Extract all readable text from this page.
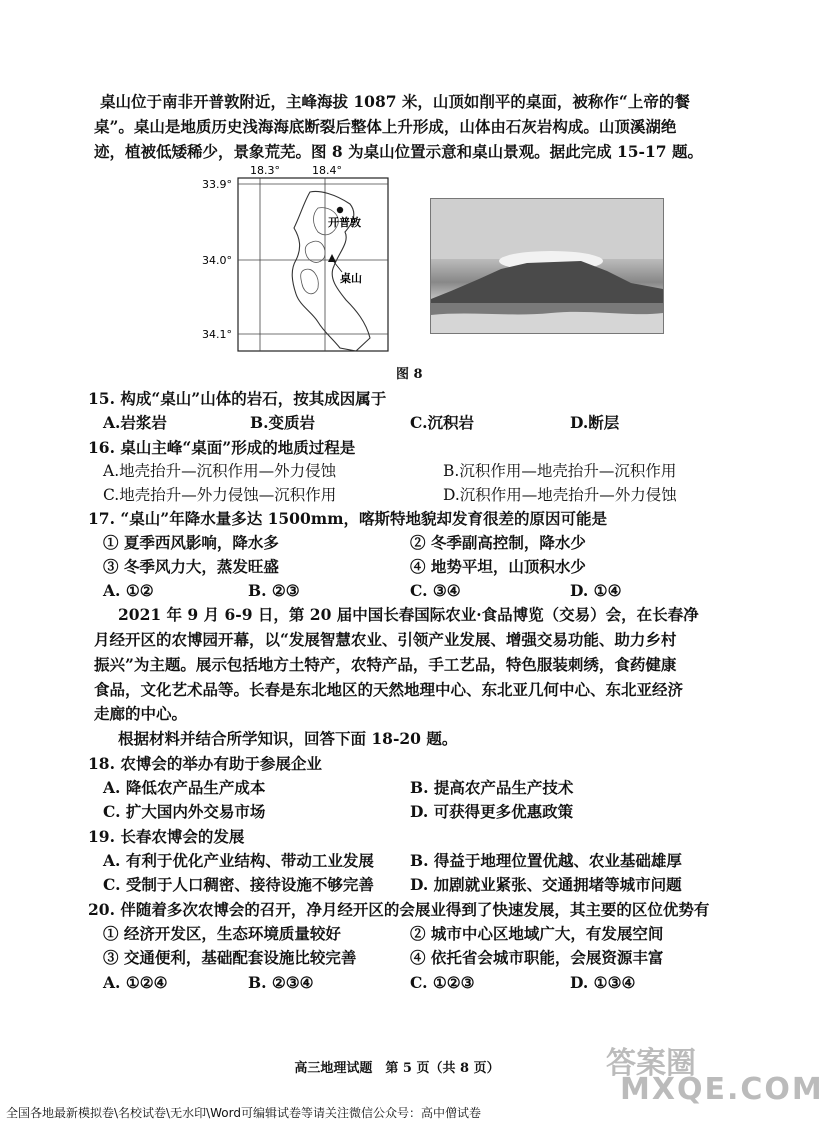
桌山位于南非开普敦附近，主峰海拔 1087 米，山顶如削平的桌面，被称作“上帝的餐
桌”。桌山是地质历史浅海海底断裂后整体上升形成，山体由石灰岩构成。山顶溪湖绝
迹，植被低矮稀少，景象荒芜。图 8 为桌山位置示意和桌山景观。据此完成 15-17 题。
18.3°	18.4°
33.9°
34.0°
34.1°
开普敦
桌山
图 8
15. 构成“桌山”山体的岩石，按其成因属于
A.岩浆岩	B.变质岩	C.沉积岩	D.断层
16. 桌山主峰“桌面”形成的地质过程是
A.地壳抬升—沉积作用—外力侵蚀	B.沉积作用—地壳抬升—沉积作用
C.地壳抬升—外力侵蚀—沉积作用	D.沉积作用—地壳抬升—外力侵蚀
17. “桌山”年降水量多达 1500mm，喀斯特地貌却发育很差的原因可能是
① 夏季西风影响，降水多	② 冬季副高控制，降水少
③ 冬季风力大，蒸发旺盛	④ 地势平坦，山顶积水少
A. ①②	B. ②③	C. ③④	D. ①④
2021 年 9 月 6-9 日，第 20 届中国长春国际农业·食品博览（交易）会，在长春净
月经开区的农博园开幕，以“发展智慧农业、引领产业发展、增强交易功能、助力乡村
振兴”为主题。展示包括地方土特产，农特产品，手工艺品，特色服装刺绣，食药健康
食品，文化艺术品等。长春是东北地区的天然地理中心、东北亚几何中心、东北亚经济
走廊的中心。
根据材料并结合所学知识，回答下面 18-20 题。
18. 农博会的举办有助于参展企业
A. 降低农产品生产成本	B. 提高农产品生产技术
C. 扩大国内外交易市场	D. 可获得更多优惠政策
19. 长春农博会的发展
A. 有利于优化产业结构、带动工业发展 B. 得益于地理位置优越、农业基础雄厚
C. 受制于人口稠密、接待设施不够完善 D. 加剧就业紧张、交通拥堵等城市问题
20. 伴随着多次农博会的召开，净月经开区的会展业得到了快速发展，其主要的区位优势有
① 经济开发区，生态环境质量较好	② 城市中心区地域广大，有发展空间
③ 交通便利，基础配套设施比较完善	④ 依托省会城市职能，会展资源丰富
A. ①②④	B. ②③④	C. ①②③	D. ①③④
高三地理试题　第 5 页（共 8 页）	答案圈
MXQE.COM
全国各地最新模拟卷\名校试卷\无水印\Word可编辑试卷等请关注微信公众号：高中僧试卷
